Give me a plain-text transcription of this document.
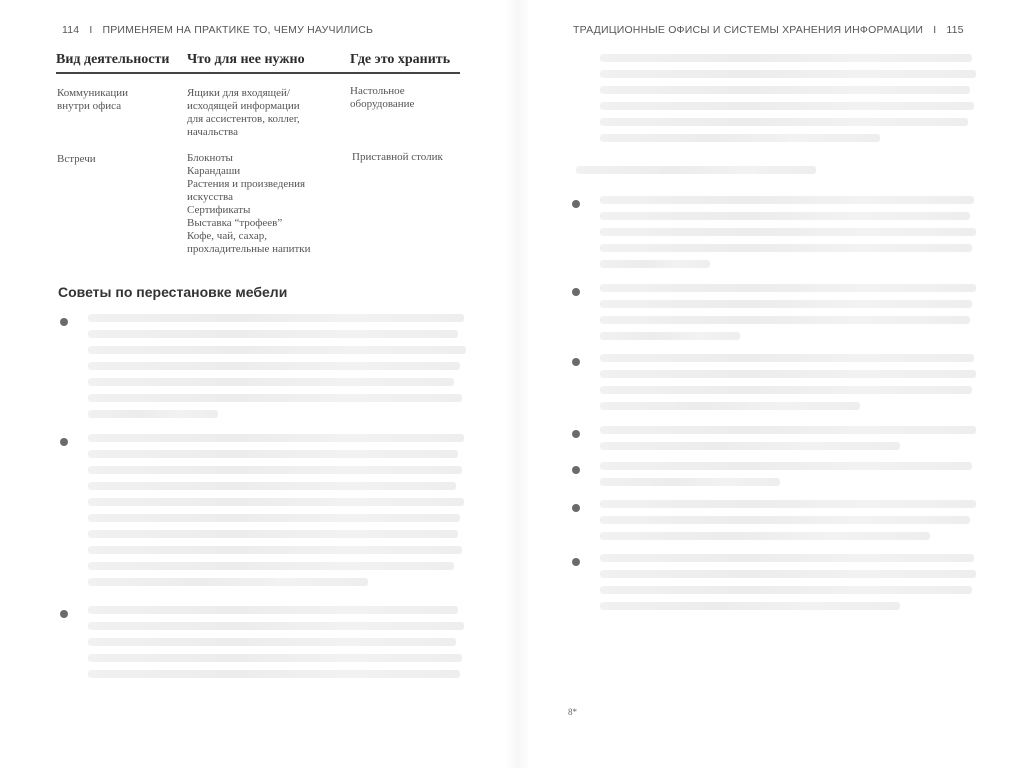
114 I ПРИМЕНЯЕМ НА ПРАКТИКЕ ТО, ЧЕМУ НАУЧИЛИСЬ
Вид деятельности Что для нее нужно	Где это хранить
Коммуникации
внутри офиса
Ящики для входящей/
исходящей информации
для ассистентов, коллег,
начальства
Настольное
оборудование
Встречи	Блокноты
Карандаши
Растения и произведения
искусства
Сертификаты
Выставка “трофеев”
Кофе, чай, сахар,
прохладительные напитки
Приставной столик
Советы по перестановке мебели
ТРАДИЦИОННЫЕ ОФИСЫ И СИСТЕМЫ ХРАНЕНИЯ ИНФОРМАЦИИ I 115
8*
